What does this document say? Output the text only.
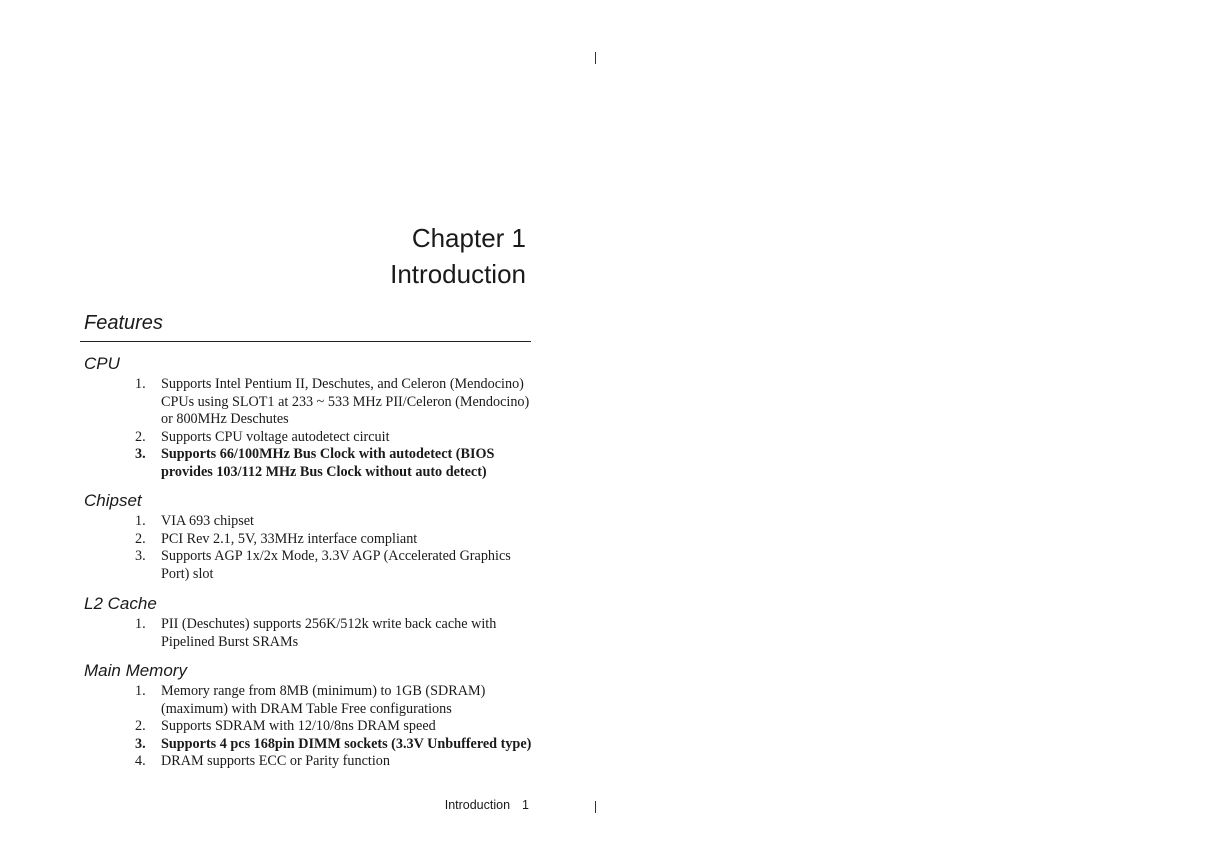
Chapter 1
Introduction
Features
CPU
1. Supports Intel Pentium II, Deschutes, and Celeron (Mendocino) CPUs using SLOT1 at 233 ~ 533 MHz PII/Celeron (Mendocino) or 800MHz Deschutes
2. Supports CPU voltage autodetect circuit
3. Supports 66/100MHz Bus Clock with autodetect (BIOS provides 103/112 MHz Bus Clock without auto detect)
Chipset
1. VIA 693 chipset
2. PCI Rev 2.1, 5V, 33MHz interface compliant
3. Supports AGP 1x/2x Mode, 3.3V AGP (Accelerated Graphics Port) slot
L2 Cache
1. PII (Deschutes) supports 256K/512k write back cache with Pipelined Burst SRAMs
Main Memory
1. Memory range from 8MB (minimum) to 1GB (SDRAM) (maximum) with DRAM Table Free configurations
2. Supports SDRAM with 12/10/8ns DRAM speed
3. Supports 4 pcs 168pin DIMM sockets (3.3V Unbuffered type)
4. DRAM supports ECC or Parity function
Introduction 1
